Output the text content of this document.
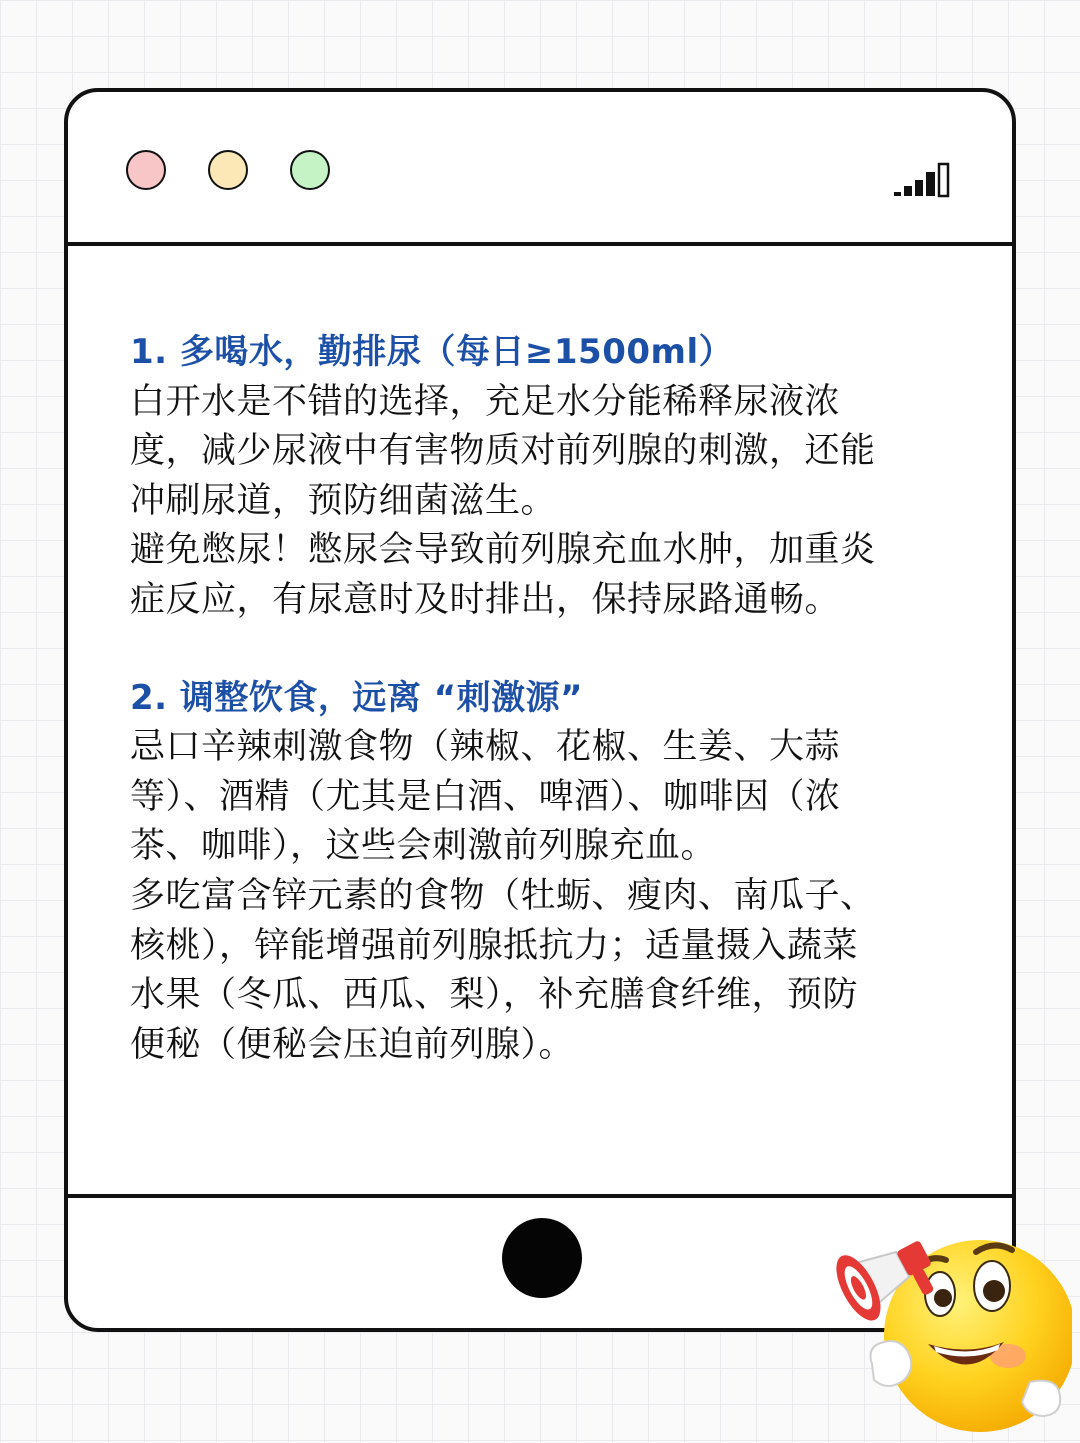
1. 多喝水，勤排尿（每日≥1500ml）

白开水是不错的选择，充足水分能稀释尿液浓
度，减少尿液中有害物质对前列腺的刺激，还能
冲刷尿道，预防细菌滋生。

避免憋尿！憋尿会导致前列腺充血水肿，加重炎
症反应，有尿意时及时排出，保持尿路通畅。

2. 调整饮食，远离 “刺激源”

忌口辛辣刺激食物（辣椒、花椒、生姜、大蒜
等）、酒精（尤其是白酒、啤酒）、咖啡因（浓
茶、咖啡），这些会刺激前列腺充血。

多吃富含锌元素的食物（牡蛎、瘦肉、南瓜子、
核桃），锌能增强前列腺抵抗力；适量摄入蔬菜
水果（冬瓜、西瓜、梨），补充膳食纤维，预防
便秘（便秘会压迫前列腺）。
